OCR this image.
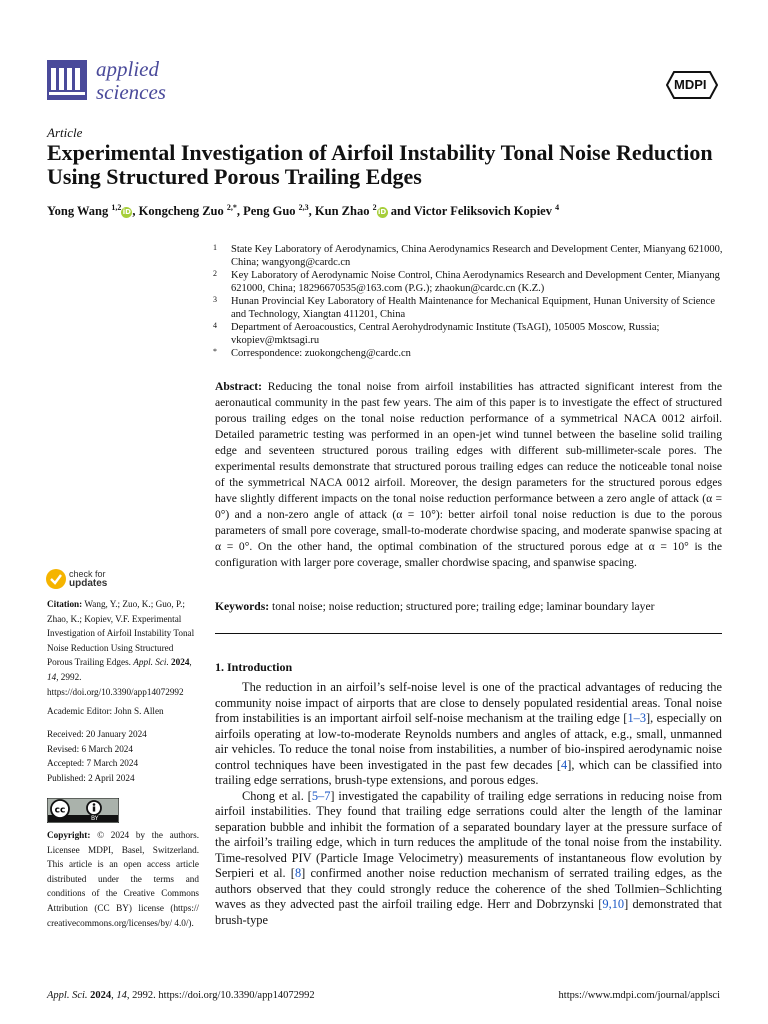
applied
sciences	MDPI
Article
Experimental Investigation of Airfoil Instability Tonal Noise Reduction Using Structured Porous Trailing Edges
Yong Wang $^{1,2}$iD, Kongcheng Zuo $^{2,*}$, Peng Guo $^{2,3}$, Kun Zhao $^2$iD and Victor Feliksovich Kopiev $^4$
1 State Key Laboratory of Aerodynamics, China Aerodynamics Research and Development Center, Mianyang 621000, China; wangyong@cardc.cn
2 Key Laboratory of Aerodynamic Noise Control, China Aerodynamics Research and Development Center, Mianyang 621000, China; 18296670535@163.com (P.G.); zhaokun@cardc.cn (K.Z.)
3 Hunan Provincial Key Laboratory of Health Maintenance for Mechanical Equipment, Hunan University of Science and Technology, Xiangtan 411201, China
4 Department of Aeroacoustics, Central Aerohydrodynamic Institute (TsAGI), 105005 Moscow, Russia; vkopiev@mktsagi.ru
* Correspondence: zuokongcheng@cardc.cn
Abstract: Reducing the tonal noise from airfoil instabilities has attracted significant interest from the aeronautical community in the past few years. The aim of this paper is to investigate the effect of structured porous trailing edges on the tonal noise reduction performance of a symmetrical NACA 0012 airfoil. Detailed parametric testing was performed in an open-jet wind tunnel between the baseline solid trailing edge and seventeen structured porous trailing edges with different sub-millimeter-scale pores. The experimental results demonstrate that structured porous trailing edges can reduce the noticeable tonal noise of the symmetrical NACA 0012 airfoil. Moreover, the design parameters for the structured porous edges have slightly different impacts on the tonal noise reduction performance between a zero angle of attack (α = 0°) and a non-zero angle of attack (α = 10°): better airfoil tonal noise reduction is due to the porous parameters of small pore coverage, small-to-moderate chordwise spacing, and moderate spanwise spacing at α = 0°. On the other hand, the optimal combination of the structured porous edge at α = 10° is the configuration with larger pore coverage, smaller chordwise spacing, and spanwise spacing.
Keywords: tonal noise; noise reduction; structured pore; trailing edge; laminar boundary layer
1. Introduction

The reduction in an airfoil’s self-noise level is one of the practical advantages of reducing the community noise impact of airports that are close to densely populated residential areas. Tonal noise from instabilities is an important airfoil self-noise mechanism at the trailing edge [1–3], especially on airfoils operating at low-to-moderate Reynolds numbers and angles of attack, e.g., small, unmanned air vehicles. To reduce the tonal noise from instabilities, a number of bio-inspired aerodynamic noise control techniques have been investigated in the past few decades [4], which can be classified into trailing edge serrations, brush-type extensions, and porous edges.

Chong et al. [5–7] investigated the capability of trailing edge serrations in reducing noise from airfoil instabilities. They found that trailing edge serrations could alter the length of the laminar separation bubble and inhibit the formation of a separated boundary layer at the pressure surface of the airfoil’s trailing edge, which in turn reduces the amplitude of the tonal noise from the instability. Time-resolved PIV (Particle Image Velocimetry) measurements of instantaneous flow evolution by Serpieri et al. [8] confirmed another noise reduction mechanism of serrated trailing edges, as the authors observed that they could strongly reduce the coherence of the shed Tollmien–Schlichting waves as they advected past the airfoil trailing edge. Herr and Dobrzynski [9,10] demonstrated that brush-type

check for
updates
Citation: Wang, Y.; Zuo, K.; Guo, P.; Zhao, K.; Kopiev, V.F. Experimental Investigation of Airfoil Instability Tonal Noise Reduction Using Structured Porous Trailing Edges. Appl. Sci. 2024, 14, 2992. https://doi.org/10.3390/app14072992
Academic Editor: John S. Allen
Received: 20 January 2024
Revised: 6 March 2024
Accepted: 7 March 2024
Published: 2 April 2024
cc
BY
Copyright: © 2024 by the authors. Licensee MDPI, Basel, Switzerland. This article is an open access article distributed under the terms and conditions of the Creative Commons Attribution (CC BY) license (https:// creativecommons.org/licenses/by/ 4.0/).
Appl. Sci. 2024, 14, 2992. https://doi.org/10.3390/app14072992	https://www.mdpi.com/journal/applsci
